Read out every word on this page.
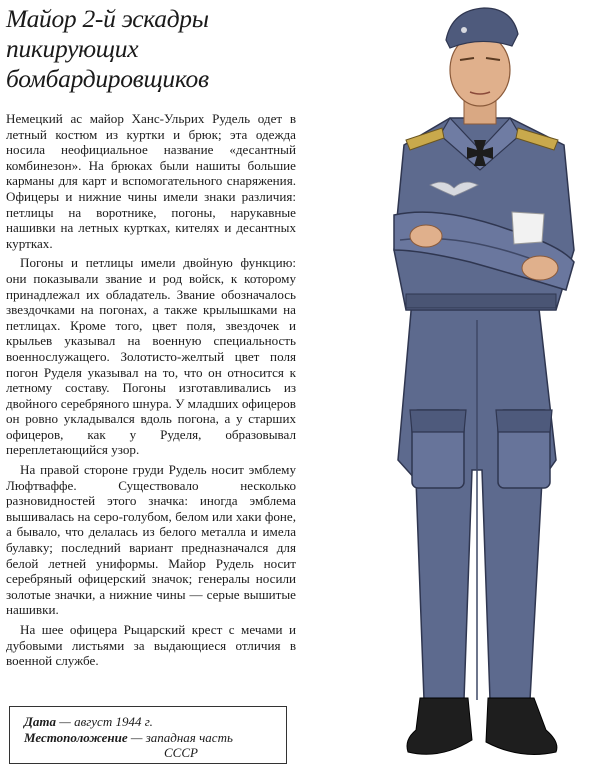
Майор 2-й эскадры пикирующих бомбардировщиков

Немецкий ас майор Ханс-Ульрих Рудель одет в летный костюм из куртки и брюк; эта одежда носила неофициальное название «десантный комбинезон». На брюках были нашиты большие карманы для карт и вспомогательного снаряжения. Офицеры и нижние чины имели знаки различия: петлицы на воротнике, погоны, нарукавные нашивки на летных куртках, кителях и десантных куртках.

Погоны и петлицы имели двойную функцию: они показывали звание и род войск, к которому принадлежал их обладатель. Звание обозначалось звездочками на погонах, а также крылышками на петлицах. Кроме того, цвет поля, звездочек и крыльев указывал на военную специальность военнослужащего. Золотисто-желтый цвет поля погон Руделя указывал на то, что он относится к летному составу. Погоны изготавливались из двойного серебряного шнура. У младших офицеров он ровно укладывался вдоль погона, а у старших офицеров, как у Руделя, образовывал переплетающийся узор.

На правой стороне груди Рудель носит эмблему Люфтваффе. Существовало несколько разновидностей этого значка: иногда эмблема вышивалась на серо-голубом, белом или хаки фоне, а бывало, что делалась из белого металла и имела булавку; последний вариант предназначался для белой летней униформы. Майор Рудель носит серебряный офицерский значок; генералы носили золотые значки, а нижние чины — серые вышитые нашивки.

На шее офицера Рыцарский крест с мечами и дубовыми листьями за выдающиеся отличия в военной службе.

Дата — август 1944 г.
Местоположение — западная часть
СССР
